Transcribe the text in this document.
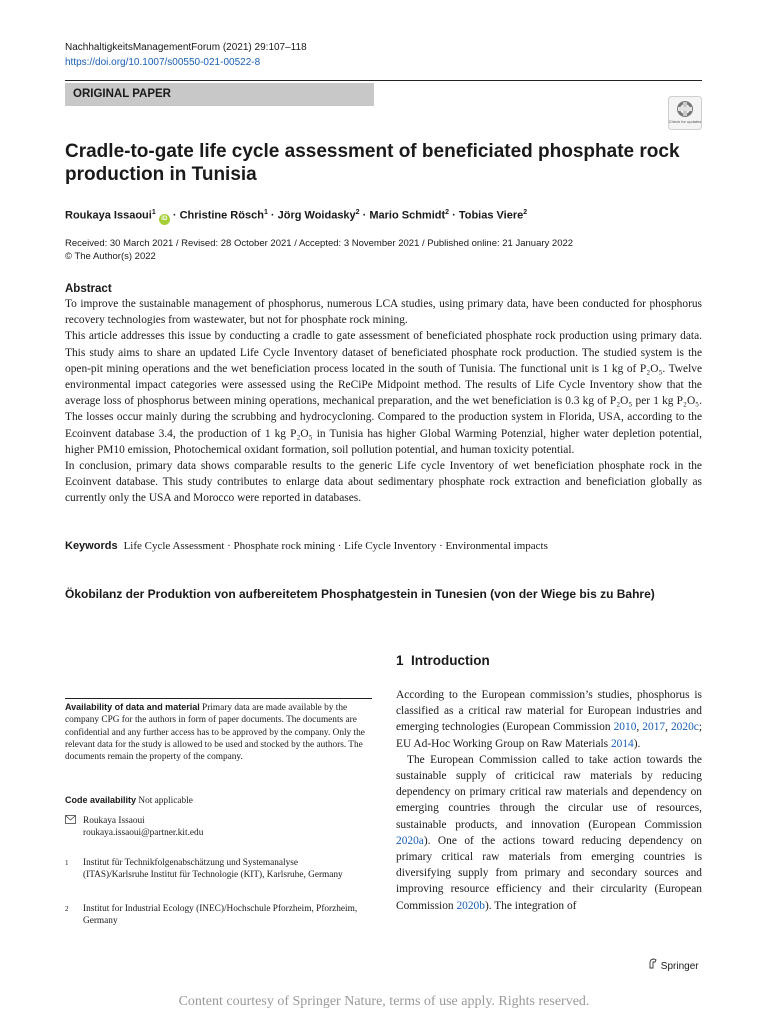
NachhaltigkeitsManagementForum (2021) 29:107–118
https://doi.org/10.1007/s00550-021-00522-8
ORIGINAL PAPER
Check for updates
Cradle-to-gate life cycle assessment of beneficiated phosphate rock production in Tunisia
Roukaya Issaoui$^1$ iD · Christine Rösch$^1$ · Jörg Woidasky$^2$ · Mario Schmidt$^2$ · Tobias Viere$^2$
Received: 30 March 2021 / Revised: 28 October 2021 / Accepted: 3 November 2021 / Published online: 21 January 2022
© The Author(s) 2022
Abstract

To improve the sustainable management of phosphorus, numerous LCA studies, using primary data, have been conducted for phosphorus recovery technologies from wastewater, but not for phosphate rock mining.

This article addresses this issue by conducting a cradle to gate assessment of beneficiated phosphate rock production using primary data. This study aims to share an updated Life Cycle Inventory dataset of beneficiated phosphate rock production. The studied system is the open-pit mining operations and the wet beneficiation process located in the south of Tunisia. The functional unit is 1 kg of P₂O₅. Twelve environmental impact categories were assessed using the ReCiPe Midpoint method. The results of Life Cycle Inventory show that the average loss of phosphorus between mining operations, mechanical preparation, and the wet beneficiation is 0.3 kg of P₂O₅ per 1 kg P₂O₅. The losses occur mainly during the scrubbing and hydrocycloning. Compared to the production system in Florida, USA, according to the Ecoinvent database 3.4, the production of 1 kg P₂O₅ in Tunisia has higher Global Warming Potenzial, higher water depletion potential, higher PM10 emission, Photochemical oxidant formation, soil pollution potential, and human toxicity potential.

In conclusion, primary data shows comparable results to the generic Life cycle Inventory of wet beneficiation phosphate rock in the Ecoinvent database. This study contributes to enlarge data about sedimentary phosphate rock extraction and beneficiation globally as currently only the USA and Morocco were reported in databases.

Keywords Life Cycle Assessment · Phosphate rock mining · Life Cycle Inventory · Environmental impacts
Ökobilanz der Produktion von aufbereitetem Phosphatgestein in Tunesien (von der Wiege bis zu Bahre)
Availability of data and material Primary data are made available by the company CPG for the authors in form of paper documents. The documents are confidential and any further access has to be approved by the company. Only the relevant data for the study is allowed to be used and stocked by the authors. The documents remain the property of the company.
Code availability Not applicable
Roukaya Issaoui
roukaya.issaoui@partner.kit.edu
1	Institut für Technikfolgenabschätzung und Systemanalyse (ITAS)/Karlsruhe Institut für Technologie (KIT), Karlsruhe, Germany
2	Institut for Industrial Ecology (INEC)/Hochschule Pforzheim, Pforzheim, Germany
1 Introduction

According to the European commission’s studies, phosphorus is classified as a critical raw material for European industries and emerging technologies (European Commission 2010, 2017, 2020c; EU Ad-Hoc Working Group on Raw Materials 2014).

The European Commission called to take action towards the sustainable supply of criticical raw materials by reducing dependency on primary critical raw materials and dependency on emerging countries through the circular use of resources, sustainable products, and innovation (European Commission 2020a). One of the actions toward reducing dependency on primary critical raw materials from emerging countries is diversifying supply from primary and secondary sources and improving resource efficiency and their circularity (European Commission 2020b). The integration of

Springer
Content courtesy of Springer Nature, terms of use apply. Rights reserved.
